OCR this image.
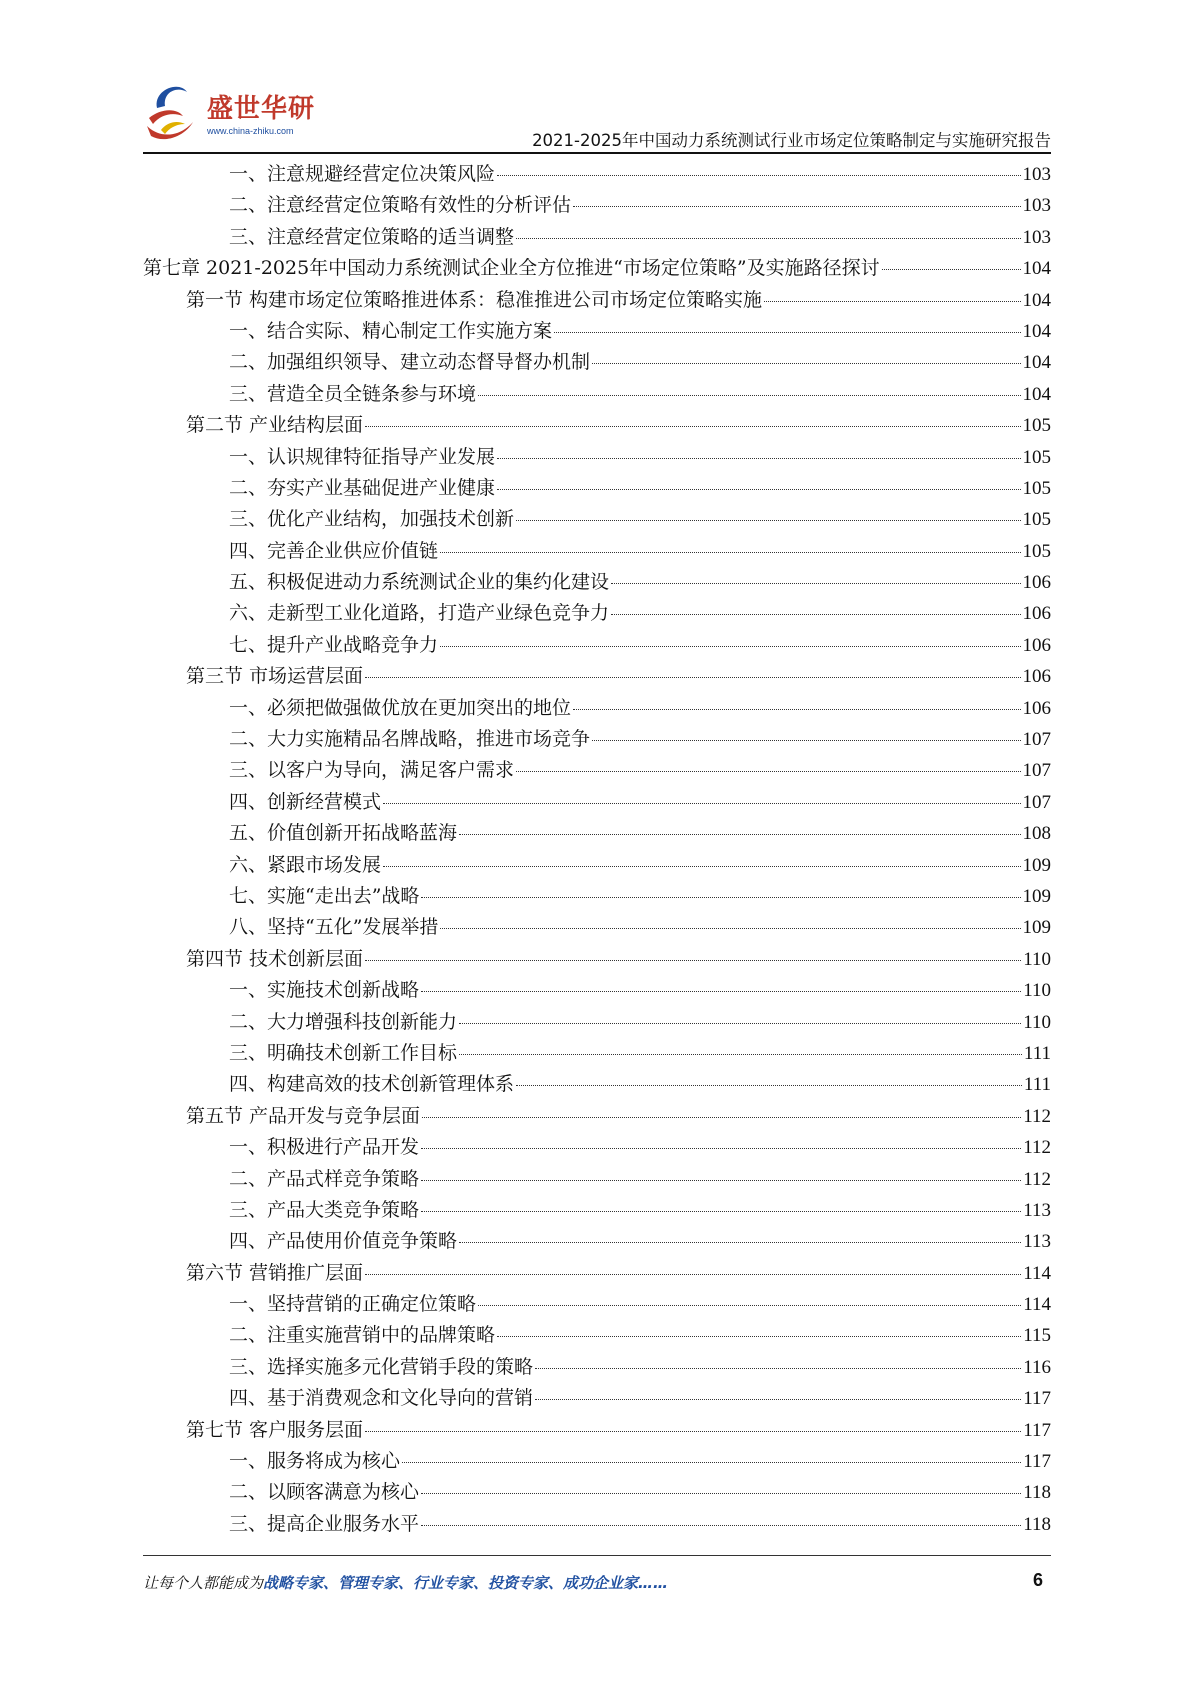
盛世华研
www.china-zhiku.com	2021-2025年中国动力系统测试行业市场定位策略制定与实施研究报告
一、注意规避经营定位决策风险	103
二、注意经营定位策略有效性的分析评估	103
三、注意经营定位策略的适当调整	103
第七章 2021-2025年中国动力系统测试企业全方位推进“市场定位策略”及实施路径探讨	104
第一节 构建市场定位策略推进体系：稳准推进公司市场定位策略实施	104
一、结合实际、精心制定工作实施方案	104
二、加强组织领导、建立动态督导督办机制	104
三、营造全员全链条参与环境	104
第二节 产业结构层面	105
一、认识规律特征指导产业发展	105
二、夯实产业基础促进产业健康	105
三、优化产业结构，加强技术创新	105
四、完善企业供应价值链	105
五、积极促进动力系统测试企业的集约化建设	106
六、走新型工业化道路，打造产业绿色竞争力	106
七、提升产业战略竞争力	106
第三节 市场运营层面	106
一、必须把做强做优放在更加突出的地位	106
二、大力实施精品名牌战略，推进市场竞争	107
三、以客户为导向，满足客户需求	107
四、创新经营模式	107
五、价值创新开拓战略蓝海	108
六、紧跟市场发展	109
七、实施“走出去”战略	109
八、坚持“五化”发展举措	109
第四节 技术创新层面	110
一、实施技术创新战略	110
二、大力增强科技创新能力	110
三、明确技术创新工作目标	111
四、构建高效的技术创新管理体系	111
第五节 产品开发与竞争层面	112
一、积极进行产品开发	112
二、产品式样竞争策略	112
三、产品大类竞争策略	113
四、产品使用价值竞争策略	113
第六节 营销推广层面	114
一、坚持营销的正确定位策略	114
二、注重实施营销中的品牌策略	115
三、选择实施多元化营销手段的策略	116
四、基于消费观念和文化导向的营销	117
第七节 客户服务层面	117
一、服务将成为核心	117
二、以顾客满意为核心	118
三、提高企业服务水平	118
让每个人都能成为战略专家、管理专家、行业专家、投资专家、成功企业家……	6
